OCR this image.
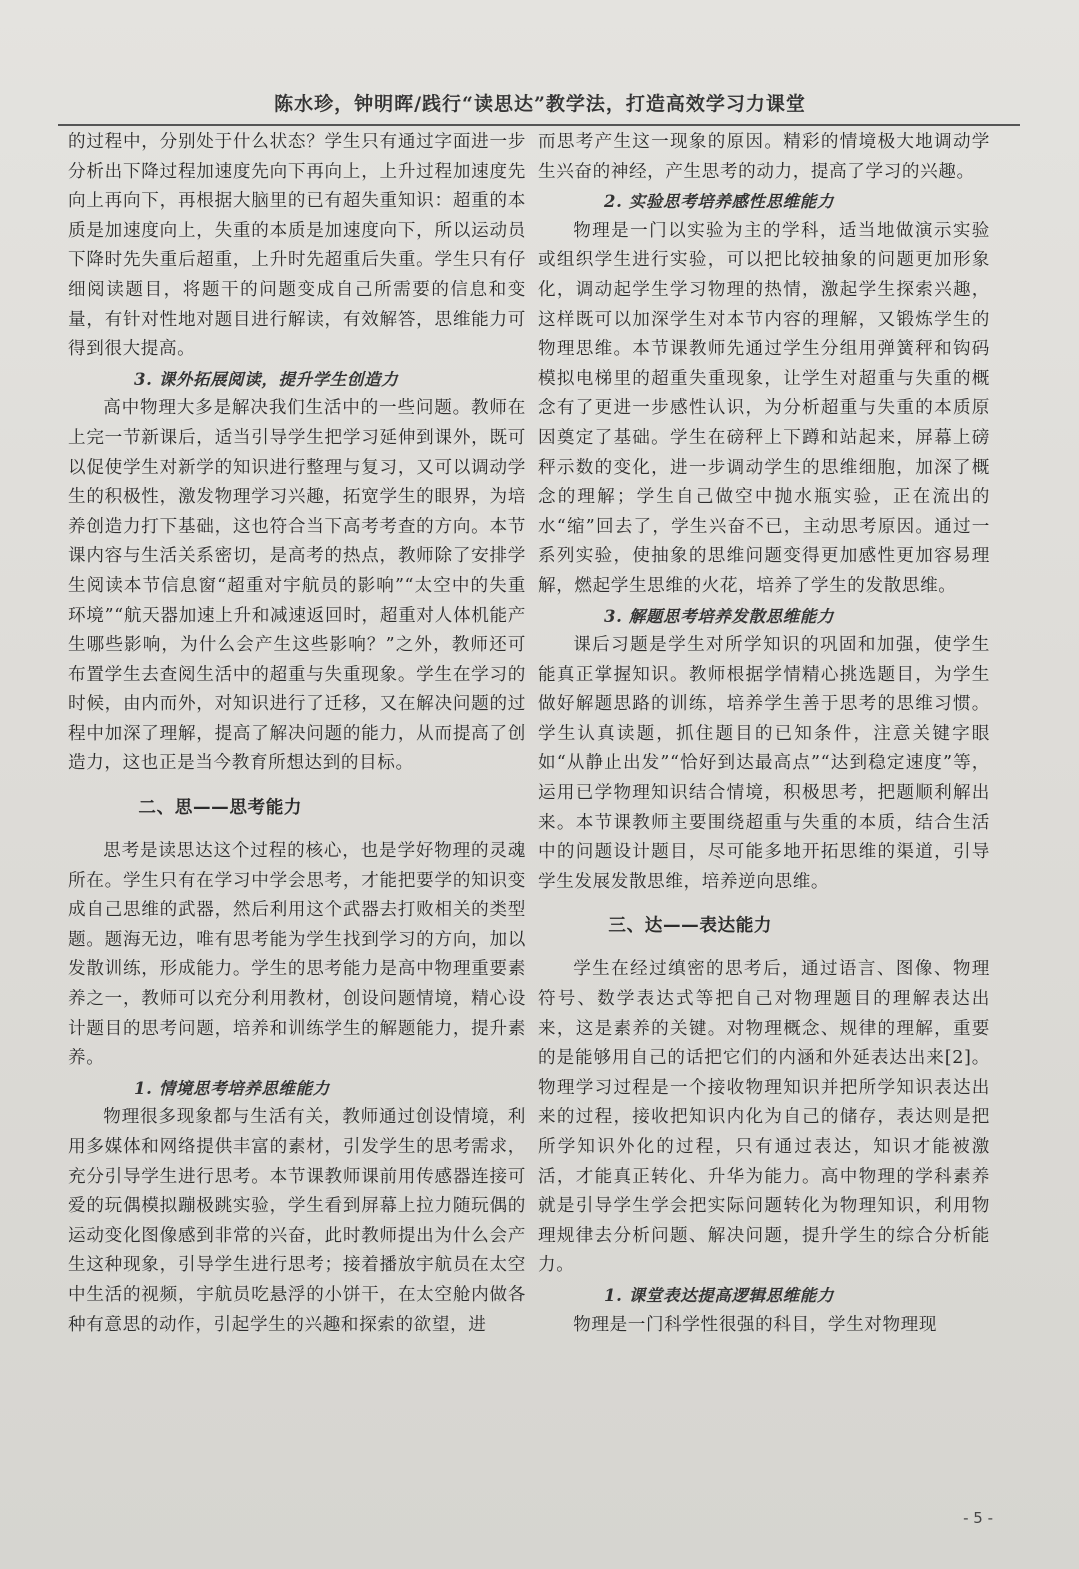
陈水珍，钟明晖/践行“读思达”教学法，打造高效学习力课堂

的过程中，分别处于什么状态？学生只有通过字面进一步分析出下降过程加速度先向下再向上，上升过程加速度先向上再向下，再根据大脑里的已有超失重知识：超重的本质是加速度向上，失重的本质是加速度向下，所以运动员下降时先失重后超重，上升时先超重后失重。学生只有仔细阅读题目，将题干的问题变成自己所需要的信息和变量，有针对性地对题目进行解读，有效解答，思维能力可得到很大提高。

3. 课外拓展阅读，提升学生创造力

高中物理大多是解决我们生活中的一些问题。教师在上完一节新课后，适当引导学生把学习延伸到课外，既可以促使学生对新学的知识进行整理与复习，又可以调动学生的积极性，激发物理学习兴趣，拓宽学生的眼界，为培养创造力打下基础，这也符合当下高考考查的方向。本节课内容与生活关系密切，是高考的热点，教师除了安排学生阅读本节信息窗“超重对宇航员的影响”“太空中的失重环境”“航天器加速上升和减速返回时，超重对人体机能产生哪些影响，为什么会产生这些影响？”之外，教师还可布置学生去查阅生活中的超重与失重现象。学生在学习的时候，由内而外，对知识进行了迁移，又在解决问题的过程中加深了理解，提高了解决问题的能力，从而提高了创造力，这也正是当今教育所想达到的目标。

二、思——思考能力

思考是读思达这个过程的核心，也是学好物理的灵魂所在。学生只有在学习中学会思考，才能把要学的知识变成自己思维的武器，然后利用这个武器去打败相关的类型题。题海无边，唯有思考能为学生找到学习的方向，加以发散训练，形成能力。学生的思考能力是高中物理重要素养之一，教师可以充分利用教材，创设问题情境，精心设计题目的思考问题，培养和训练学生的解题能力，提升素养。

1. 情境思考培养思维能力

物理很多现象都与生活有关，教师通过创设情境，利用多媒体和网络提供丰富的素材，引发学生的思考需求，充分引导学生进行思考。本节课教师课前用传感器连接可爱的玩偶模拟蹦极跳实验，学生看到屏幕上拉力随玩偶的运动变化图像感到非常的兴奋，此时教师提出为什么会产生这种现象，引导学生进行思考；接着播放宇航员在太空中生活的视频，宇航员吃悬浮的小饼干，在太空舱内做各种有意思的动作，引起学生的兴趣和探索的欲望，进

而思考产生这一现象的原因。精彩的情境极大地调动学生兴奋的神经，产生思考的动力，提高了学习的兴趣。

2. 实验思考培养感性思维能力

物理是一门以实验为主的学科，适当地做演示实验或组织学生进行实验，可以把比较抽象的问题更加形象化，调动起学生学习物理的热情，激起学生探索兴趣，这样既可以加深学生对本节内容的理解，又锻炼学生的物理思维。本节课教师先通过学生分组用弹簧秤和钩码模拟电梯里的超重失重现象，让学生对超重与失重的概念有了更进一步感性认识，为分析超重与失重的本质原因奠定了基础。学生在磅秤上下蹲和站起来，屏幕上磅秤示数的变化，进一步调动学生的思维细胞，加深了概念的理解；学生自己做空中抛水瓶实验，正在流出的水“缩”回去了，学生兴奋不已，主动思考原因。通过一系列实验，使抽象的思维问题变得更加感性更加容易理解，燃起学生思维的火花，培养了学生的发散思维。

3. 解题思考培养发散思维能力

课后习题是学生对所学知识的巩固和加强，使学生能真正掌握知识。教师根据学情精心挑选题目，为学生做好解题思路的训练，培养学生善于思考的思维习惯。学生认真读题，抓住题目的已知条件，注意关键字眼如“从静止出发”“恰好到达最高点”“达到稳定速度”等，运用已学物理知识结合情境，积极思考，把题顺利解出来。本节课教师主要围绕超重与失重的本质，结合生活中的问题设计题目，尽可能多地开拓思维的渠道，引导学生发展发散思维，培养逆向思维。

三、达——表达能力

学生在经过缜密的思考后，通过语言、图像、物理符号、数学表达式等把自己对物理题目的理解表达出来，这是素养的关键。对物理概念、规律的理解，重要的是能够用自己的话把它们的内涵和外延表达出来[2]。物理学习过程是一个接收物理知识并把所学知识表达出来的过程，接收把知识内化为自己的储存，表达则是把所学知识外化的过程，只有通过表达，知识才能被激活，才能真正转化、升华为能力。高中物理的学科素养就是引导学生学会把实际问题转化为物理知识，利用物理规律去分析问题、解决问题，提升学生的综合分析能力。

1. 课堂表达提高逻辑思维能力

物理是一门科学性很强的科目，学生对物理现

- 5 -
